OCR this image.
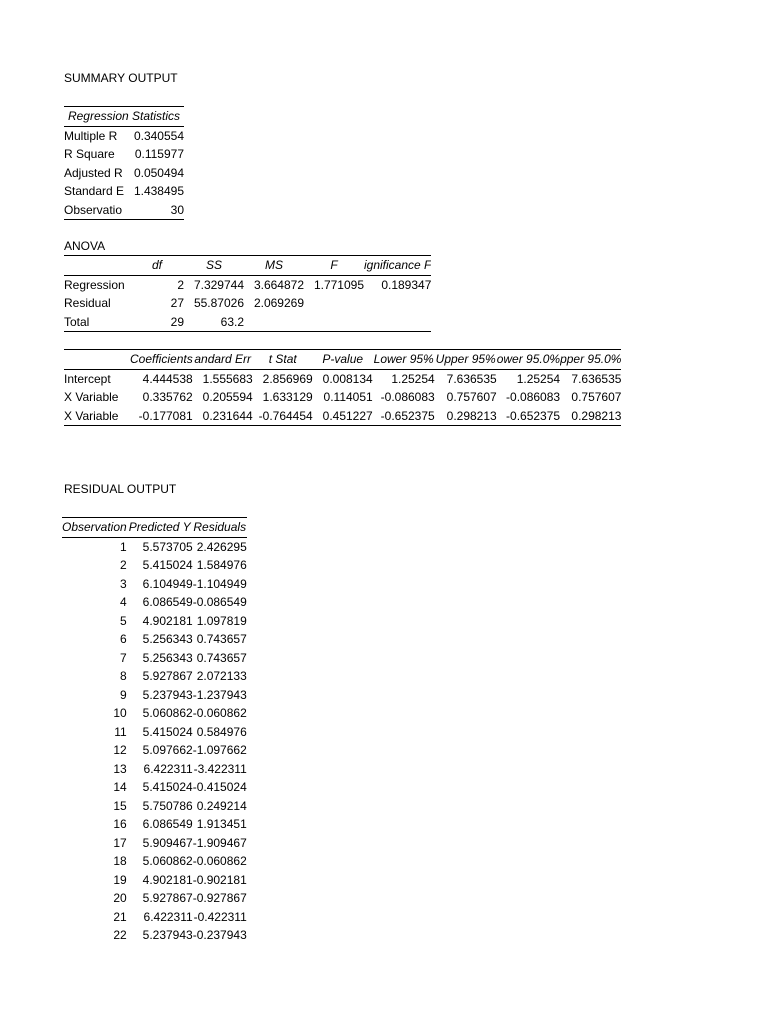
SUMMARY OUTPUT
Regression Statistics	
Multiple R	0.340554
R Square	0.115977
Adjusted R	0.050494
Standard E	1.438495
Observatio	30
ANOVA
	df	SS	MS	F	ignificance F
Regression	2	7.329744	3.664872	1.771095	0.189347
Residual	27	55.87026	2.069269		
Total	29	63.2			
	Coefficients	andard Err	t Stat	P-value	Lower 95%	Upper 95%	ower 95.0%	pper 95.0%
Intercept	4.444538	1.555683	2.856969	0.008134	1.25254	7.636535	1.25254	7.636535
X Variable	0.335762	0.205594	1.633129	0.114051	-0.086083	0.757607	-0.086083	0.757607
X Variable	-0.177081	0.231644	-0.764454	0.451227	-0.652375	0.298213	-0.652375	0.298213
RESIDUAL OUTPUT
Observation	Predicted Y	Residuals
1	5.573705	2.426295
2	5.415024	1.584976
3	6.104949	-1.104949
4	6.086549	-0.086549
5	4.902181	1.097819
6	5.256343	0.743657
7	5.256343	0.743657
8	5.927867	2.072133
9	5.237943	-1.237943
10	5.060862	-0.060862
11	5.415024	0.584976
12	5.097662	-1.097662
13	6.422311	-3.422311
14	5.415024	-0.415024
15	5.750786	0.249214
16	6.086549	1.913451
17	5.909467	-1.909467
18	5.060862	-0.060862
19	4.902181	-0.902181
20	5.927867	-0.927867
21	6.422311	-0.422311
22	5.237943	-0.237943
